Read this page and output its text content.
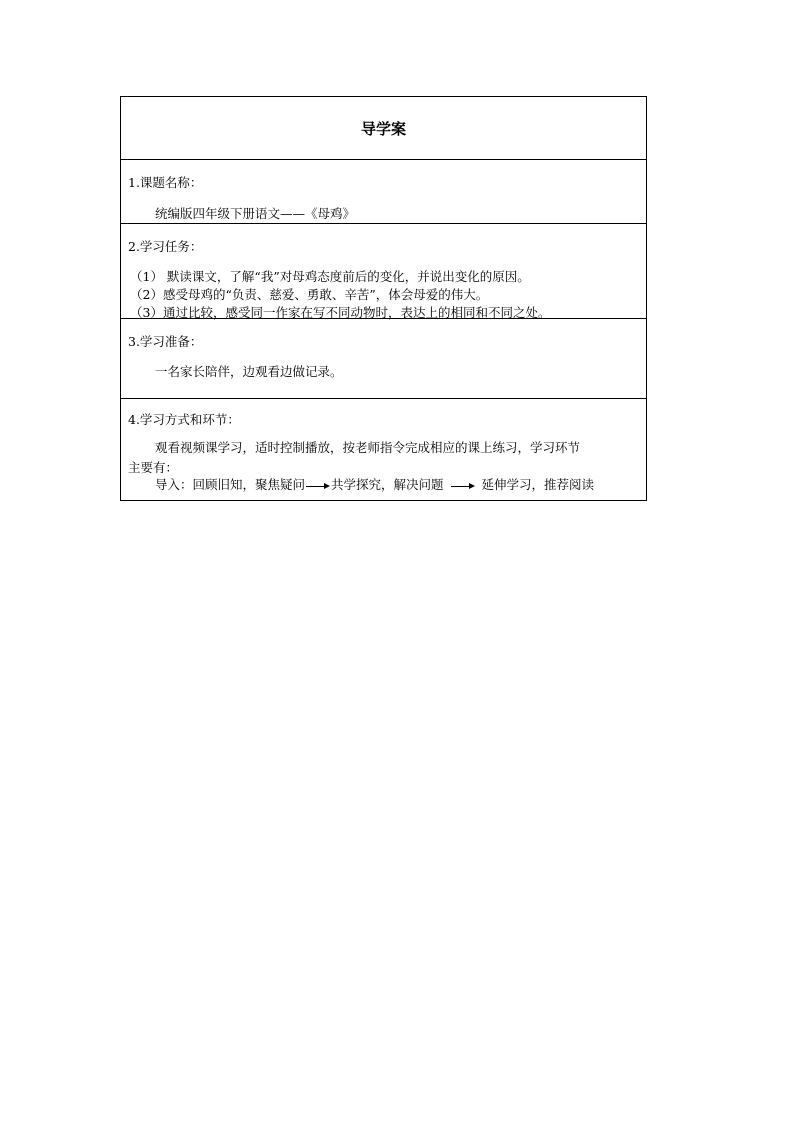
导学案
1.课题名称：
统编版四年级下册语文——《母鸡》
2.学习任务：
（1） 默读课文，了解“我”对母鸡态度前后的变化，并说出变化的原因。
（2）感受母鸡的“负责、慈爱、勇敢、辛苦”，体会母爱的伟大。
（3）通过比较，感受同一作家在写不同动物时，表达上的相同和不同之处。
3.学习准备：
一名家长陪伴，边观看边做记录。
4.学习方式和环节：
观看视频课学习，适时控制播放，按老师指令完成相应的课上练习，学习环节
主要有：
导入：回顾旧知，聚焦疑问 共学探究，解决问题	延伸学习，推荐阅读
